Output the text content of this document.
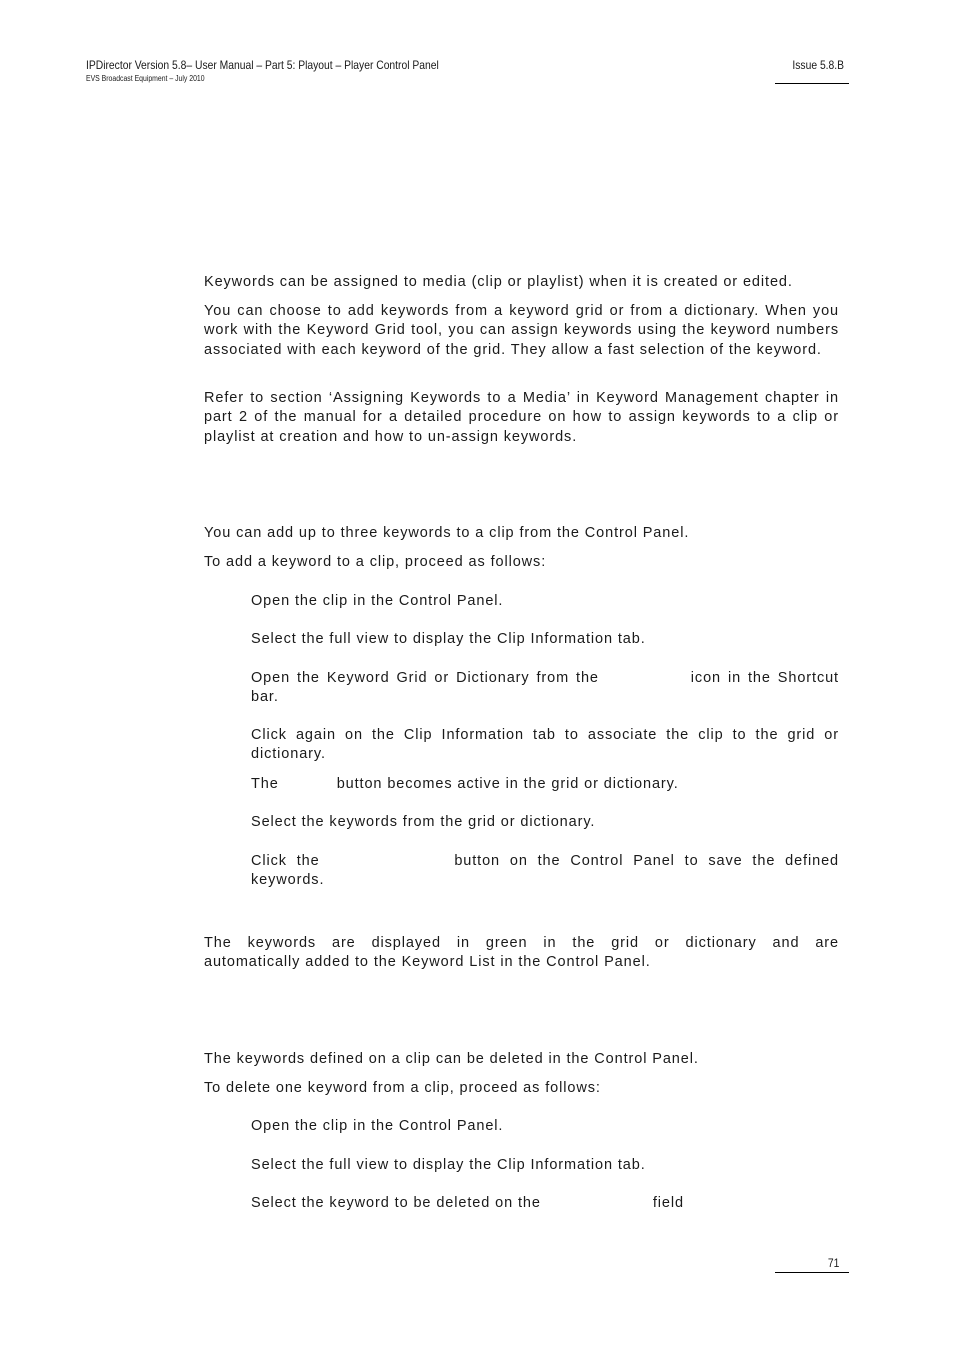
IPDirector Version 5.8– User Manual – Part 5: Playout – Player Control Panel
EVS Broadcast Equipment – July 2010
Issue 5.8.B

Keywords can be assigned to media (clip or playlist) when it is created or edited.

You can choose to add keywords from a keyword grid or from a dictionary. When you work with the Keyword Grid tool, you can assign keywords using the keyword numbers associated with each keyword of the grid. They allow a fast selection of the keyword.

Refer to section ‘Assigning Keywords to a Media’ in Keyword Management chapter in part 2 of the manual for a detailed procedure on how to assign keywords to a clip or playlist at creation and how to un-assign keywords.

You can add up to three keywords to a clip from the Control Panel.

To add a keyword to a clip, proceed as follows:

Open the clip in the Control Panel.

Select the full view to display the Clip Information tab.

Open the Keyword Grid or Dictionary from the	icon in the Shortcut
bar.

Click again on the Clip Information tab to associate the clip to the grid or dictionary.

The	button becomes active in the grid or dictionary.

Select the keywords from the grid or dictionary.

Click the	button on the Control Panel to save the defined
keywords.
The keywords are displayed in green in the grid or dictionary and are
automatically added to the Keyword List in the Control Panel.

The keywords defined on a clip can be deleted in the Control Panel.

To delete one keyword from a clip, proceed as follows:

Open the clip in the Control Panel.

Select the full view to display the Clip Information tab.

Select the keyword to be deleted on the	field

71
